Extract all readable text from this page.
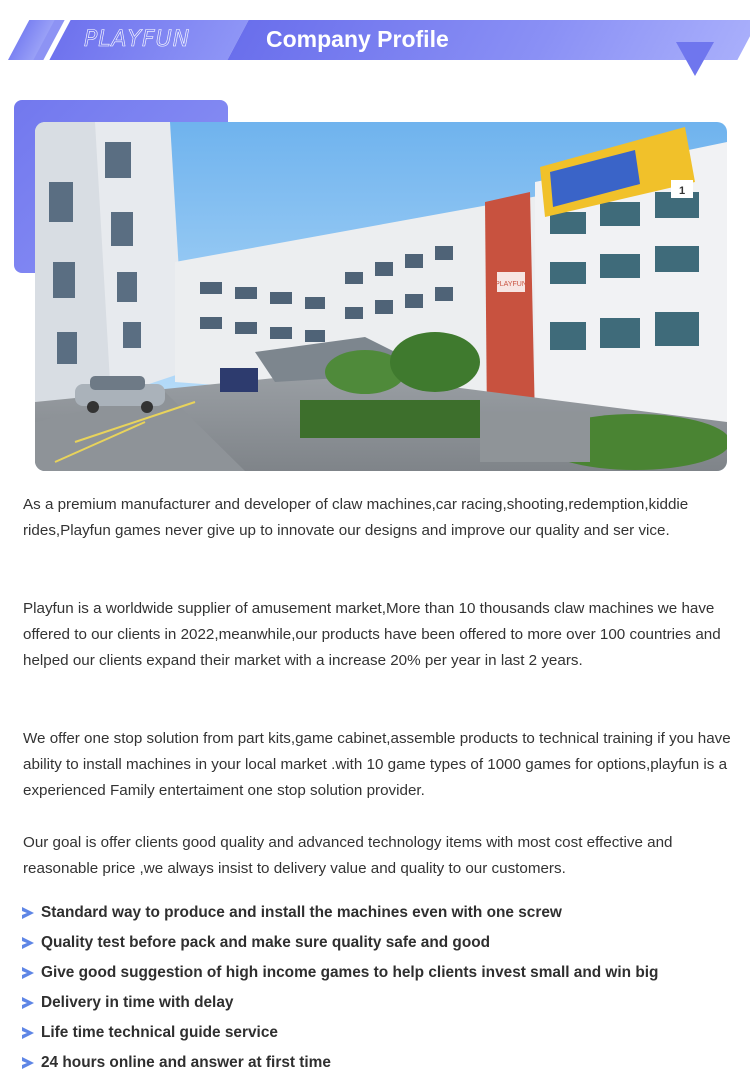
PLAYFUN	Company Profile
PLAYFUN
1

As a premium manufacturer and developer of claw machines,car racing,shooting,redemption,kiddie rides,Playfun games never give up to innovate our designs and improve our quality and ser vice.

Playfun is a worldwide supplier of amusement market,More than 10 thousands claw machines we have offered to our clients in 2022,meanwhile,our products have been offered to more over 100 countries and helped our clients expand their market with a increase 20% per year in last 2 years.

We offer one stop solution from part kits,game cabinet,assemble products to technical training if you have ability to install machines in your local market .with 10 game types of 1000 games for options,playfun is a experienced Family entertaiment one stop solution provider.

Our goal is offer clients good quality and advanced technology items with most cost effective and reasonable price ,we always insist to delivery value and quality to our customers.

Standard way to produce and install the machines even with one screw
Quality test before pack and make sure quality safe and good
Give good suggestion of high income games to help clients invest small and win big
Delivery in time with delay
Life time technical guide service
24 hours online and answer at first time
